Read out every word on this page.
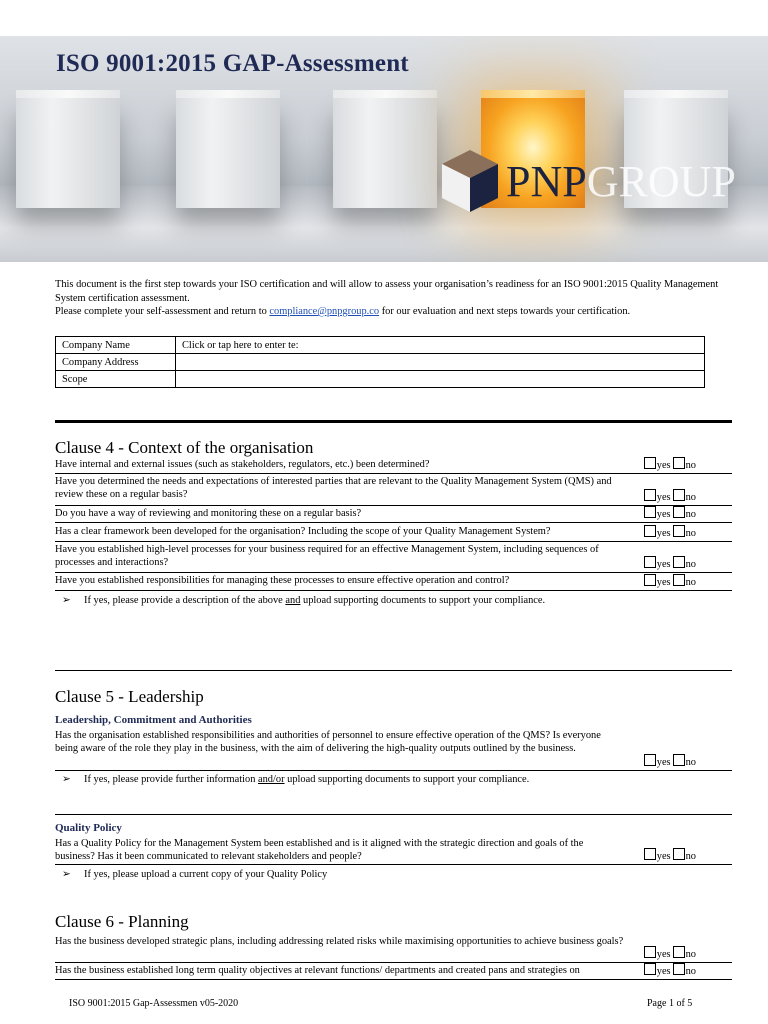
ISO 9001:2015 GAP-Assessment
PNPGROUP

This document is the first step towards your ISO certification and will allow to assess your organisation’s readiness for an ISO 9001:2015 Quality Management System certification assessment.

Please complete your self-assessment and return to compliance@pnpgroup.co for our evaluation and next steps towards your certification.

Company Name	Click or tap here to enter te:
Company Address	
Scope	
Clause 4 - Context of the organisation
Have internal and external issues (such as stakeholders, regulators, etc.) been determined?	yes no
Have you determined the needs and expectations of interested parties that are relevant to the Quality Management System (QMS) and review these on a regular basis?	yes no
Do you have a way of reviewing and monitoring these on a regular basis?	yes no
Has a clear framework been developed for the organisation? Including the scope of your Quality Management System?	yes no
Have you established high-level processes for your business required for an effective Management System, including sequences of processes and interactions?	yes no
Have you established responsibilities for managing these processes to ensure effective operation and control?	yes no
➢ If yes, please provide a description of the above and upload supporting documents to support your compliance.
Clause 5 - Leadership
Leadership, Commitment and Authorities
Has the organisation established responsibilities and authorities of personnel to ensure effective operation of the QMS? Is everyone being aware of the role they play in the business, with the aim of delivering the high-quality outputs outlined by the business.
yes no
➢ If yes, please provide further information and/or upload supporting documents to support your compliance.
Quality Policy
Has a Quality Policy for the Management System been established and is it aligned with the strategic direction and goals of the business? Has it been communicated to relevant stakeholders and people?	yes no
➢ If yes, please upload a current copy of your Quality Policy
Clause 6 - Planning
Has the business developed strategic plans, including addressing related risks while maximising opportunities to achieve business goals?
yes no
Has the business established long term quality objectives at relevant functions/ departments and created pans and strategies on	yes no
ISO 9001:2015 Gap-Assessmen v05-2020	Page 1 of 5
